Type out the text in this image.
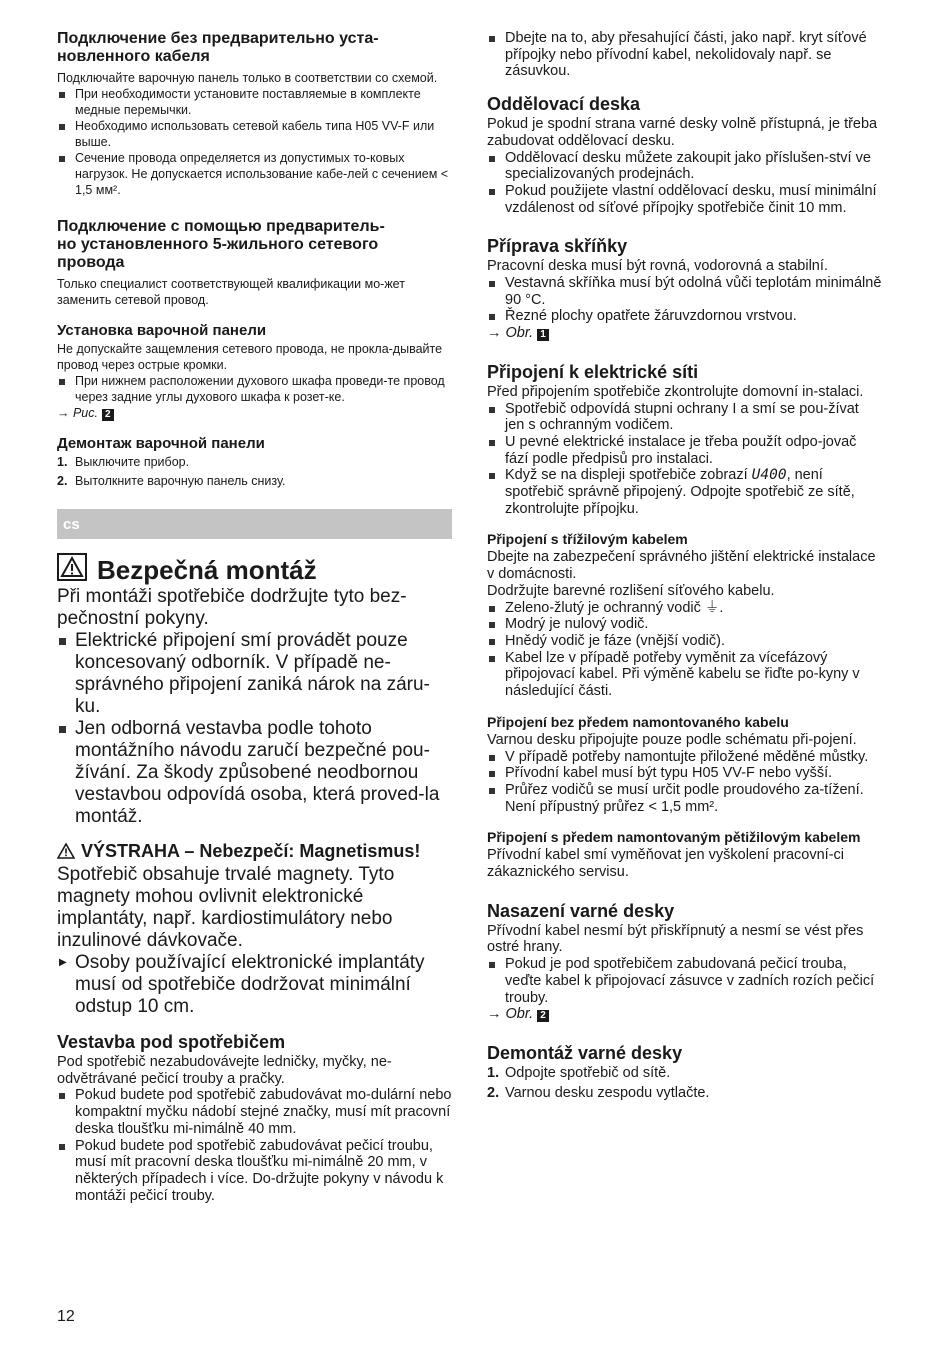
Подключение без предварительно уста-
новленного кабеля

Подключайте варочную панель только в соответствии со схемой.

При необходимости установите поставляемые в комплекте медные перемычки.
Необходимо использовать сетевой кабель типа H05 VV-F или выше.
Сечение провода определяется из допустимых то-ковых нагрузок. Не допускается использование кабе-лей с сечением < 1,5 мм².
Подключение с помощью предваритель-
но установленного 5-жильного сетевого
провода

Только специалист соответствующей квалификации мо-жет заменить сетевой провод.

Установка варочной панели

Не допускайте защемления сетевого провода, не прокла-дывайте провод через острые кромки.

При нижнем расположении духового шкафа проведи-те провод через задние углы духового шкафа к розет-ке.

→ Рис. 2

Демонтаж варочной панели
1. Выключите прибор.
2. Вытолкните варочную панель снизу.
cs
Bezpečná montáž

Při montáži spotřebiče dodržujte tyto bez-pečnostní pokyny.

Elektrické připojení smí provádět pouze koncesovaný odborník. V případě ne-správného připojení zaniká nárok na záru-ku.
Jen odborná vestavba podle tohoto montážního návodu zaručí bezpečné pou-žívání. Za škody způsobené neodbornou vestavbou odpovídá osoba, která proved-la montáž.
VÝSTRAHA – Nebezpečí: Magnetismus!

Spotřebič obsahuje trvalé magnety. Tyto magnety mohou ovlivnit elektronické implantáty, např. kardiostimulátory nebo inzulinové dávkovače.

▶ Osoby používající elektronické implantáty musí od spotřebiče dodržovat minimální odstup 10 cm.
Vestavba pod spotřebičem

Pod spotřebič nezabudovávejte ledničky, myčky, ne-odvětrávané pečicí trouby a pračky.

Pokud budete pod spotřebič zabudovávat mo-dulární nebo kompaktní myčku nádobí stejné značky, musí mít pracovní deska tloušťku mi-nimálně 40 mm.
Pokud budete pod spotřebič zabudovávat pečicí troubu, musí mít pracovní deska tloušťku mi-nimálně 20 mm, v některých případech i více. Do-držujte pokyny v návodu k montáži pečicí trouby.
Dbejte na to, aby přesahující části, jako např. kryt síťové přípojky nebo přívodní kabel, nekolidovaly např. se zásuvkou.
Oddělovací deska

Pokud je spodní strana varné desky volně přístupná, je třeba zabudovat oddělovací desku.

Oddělovací desku můžete zakoupit jako příslušen-ství ve specializovaných prodejnách.
Pokud použijete vlastní oddělovací desku, musí minimální vzdálenost od síťové přípojky spotřebiče činit 10 mm.
Příprava skříňky

Pracovní deska musí být rovná, vodorovná a stabilní.

Vestavná skříňka musí být odolná vůči teplotám minimálně 90 °C.
Řezné plochy opatřete žáruvzdornou vrstvou.

→ Obr. 1

Připojení k elektrické síti

Před připojením spotřebiče zkontrolujte domovní in-stalaci.

Spotřebič odpovídá stupni ochrany I a smí se pou-žívat jen s ochranným vodičem.
U pevné elektrické instalace je třeba použít odpo-jovač fází podle předpisů pro instalaci.
Když se na displeji spotřebiče zobrazí U400, není spotřebič správně připojený. Odpojte spotřebič ze sítě, zkontrolujte přípojku.
Připojení s třížilovým kabelem

Dbejte na zabezpečení správného jištění elektrické instalace v domácnosti.

Dodržujte barevné rozlišení síťového kabelu.

Zeleno-žlutý je ochranný vodič ⏚.
Modrý je nulový vodič.
Hnědý vodič je fáze (vnější vodič).
Kabel lze v případě potřeby vyměnit za vícefázový připojovací kabel. Při výměně kabelu se řiďte po-kyny v následující části.
Připojení bez předem namontovaného kabelu

Varnou desku připojujte pouze podle schématu při-pojení.

V případě potřeby namontujte přiložené měděné můstky.
Přívodní kabel musí být typu H05 VV-F nebo vyšší.
Průřez vodičů se musí určit podle proudového za-tížení. Není přípustný průřez < 1,5 mm².
Připojení s předem namontovaným pětižilovým kabelem

Přívodní kabel smí vyměňovat jen vyškolení pracovní-ci zákaznického servisu.

Nasazení varné desky

Přívodní kabel nesmí být přiskřípnutý a nesmí se vést přes ostré hrany.

Pokud je pod spotřebičem zabudovaná pečicí trouba, veďte kabel k připojovací zásuvce v zadních rozích pečicí trouby.

→ Obr. 2

Demontáž varné desky
1. Odpojte spotřebič od sítě.
2. Varnou desku zespodu vytlačte.
12
